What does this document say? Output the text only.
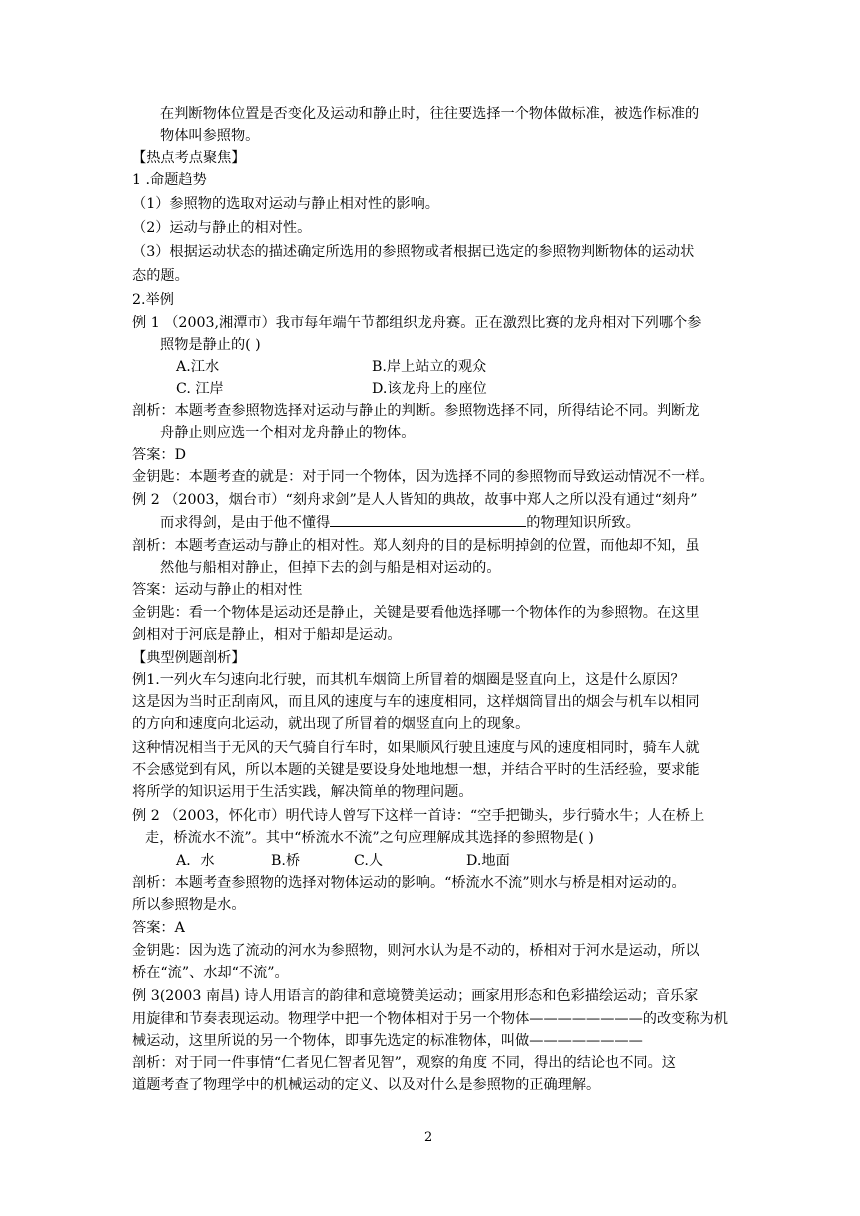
在判断物体位置是否变化及运动和静止时，往往要选择一个物体做标准，被选作标准的
物体叫参照物。
【热点考点聚焦】
1 .命题趋势
（1）参照物的选取对运动与静止相对性的影响。
（2）运动与静止的相对性。
（3）根据运动状态的描述确定所选用的参照物或者根据已选定的参照物判断物体的运动状
态的题。
2.举例
例 1 （2003,湘潭市）我市每年端午节都组织龙舟赛。正在激烈比赛的龙舟相对下列哪个参
照物是静止的( )
A.江水	B.岸上站立的观众
C. 江岸	D.该龙舟上的座位
剖析：本题考查参照物选择对运动与静止的判断。参照物选择不同，所得结论不同。判断龙
舟静止则应选一个相对龙舟静止的物体。
答案：D
金钥匙：本题考查的就是：对于同一个物体，因为选择不同的参照物而导致运动情况不一样。
例 2 （2003，烟台市）“刻舟求剑”是人人皆知的典故，故事中郑人之所以没有通过“刻舟”
而求得剑，是由于他不懂得	的物理知识所致。
剖析：本题考查运动与静止的相对性。郑人刻舟的目的是标明掉剑的位置，而他却不知，虽
然他与船相对静止，但掉下去的剑与船是相对运动的。
答案：运动与静止的相对性
金钥匙：看一个物体是运动还是静止，关键是要看他选择哪一个物体作的为参照物。在这里
剑相对于河底是静止，相对于船却是运动。
【典型例题剖析】
例1.一列火车匀速向北行驶，而其机车烟筒上所冒着的烟圈是竖直向上，这是什么原因？
这是因为当时正刮南风，而且风的速度与车的速度相同，这样烟筒冒出的烟会与机车以相同
的方向和速度向北运动，就出现了所冒着的烟竖直向上的现象。
这种情况相当于无风的天气骑自行车时，如果顺风行驶且速度与风的速度相同时，骑车人就
不会感觉到有风，所以本题的关键是要设身处地地想一想，并结合平时的生活经验，要求能
将所学的知识运用于生活实践，解决简单的物理问题。
例 2 （2003，怀化市）明代诗人曾写下这样一首诗：“空手把锄头，步行骑水牛；人在桥上
走，桥流水不流”。其中“桥流水不流”之句应理解成其选择的参照物是( )
A．水	B.桥	C.人	D.地面
剖析：本题考查参照物的选择对物体运动的影响。“桥流水不流”则水与桥是相对运动的。
所以参照物是水。
答案：A
金钥匙：因为选了流动的河水为参照物，则河水认为是不动的，桥相对于河水是运动，所以
桥在“流”、水却“不流”。
例 3(2003 南昌) 诗人用语言的韵律和意境赞美运动；画家用形态和色彩描绘运动；音乐家
用旋律和节奏表现运动。物理学中把一个物体相对于另一个物体————————的改变称为机
械运动，这里所说的另一个物体，即事先选定的标准物体，叫做————————
剖析：对于同一件事情“仁者见仁智者见智”，观察的角度 不同，得出的结论也不同。这
道题考查了物理学中的机械运动的定义、以及对什么是参照物的正确理解。
2
